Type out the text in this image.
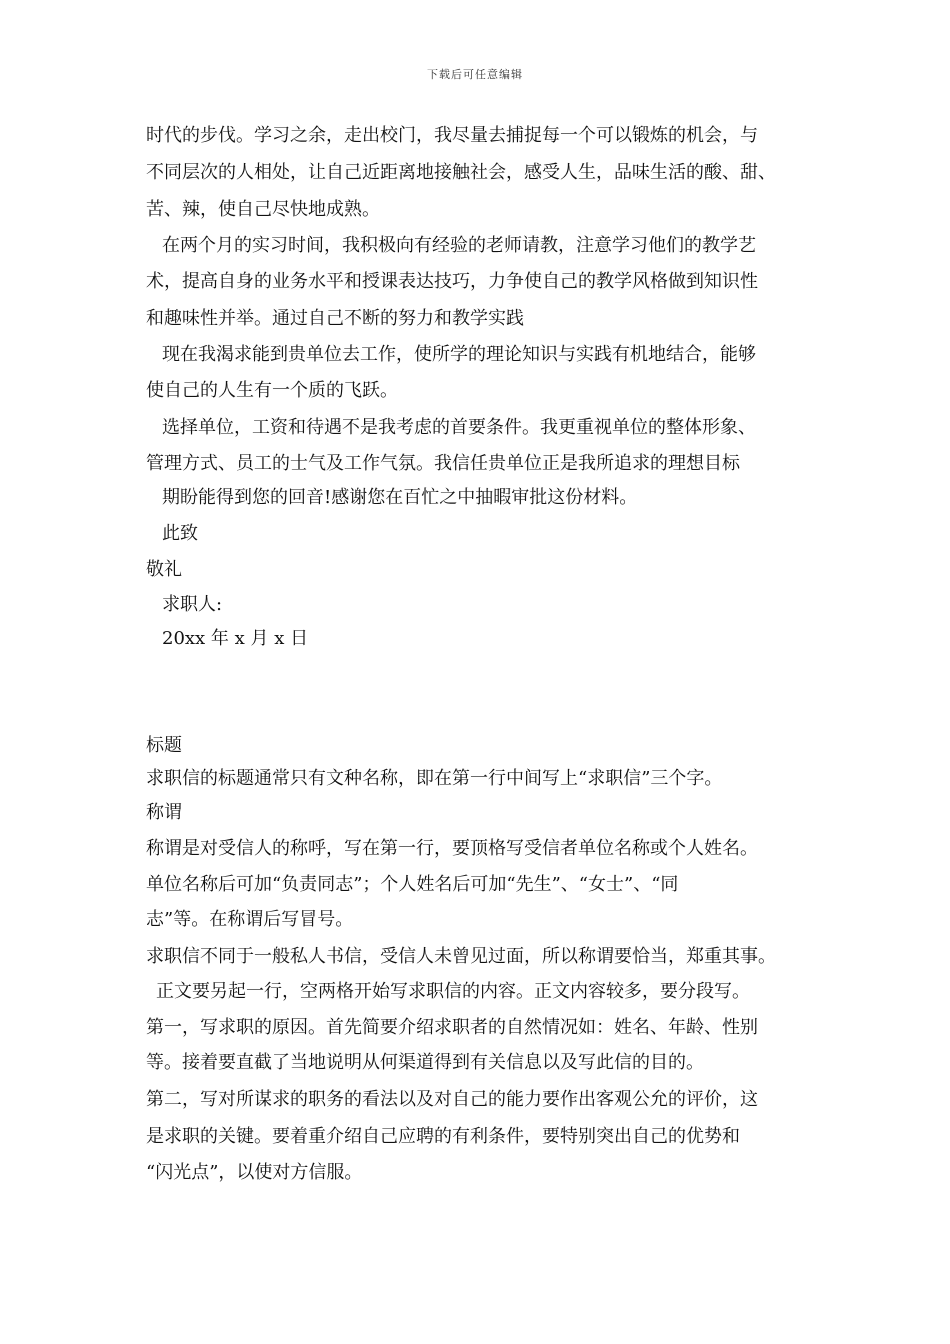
下载后可任意编辑
时代的步伐。学习之余，走出校门，我尽量去捕捉每一个可以锻炼的机会，与
不同层次的人相处，让自己近距离地接触社会，感受人生，品味生活的酸、甜、
苦、辣，使自己尽快地成熟。
在两个月的实习时间，我积极向有经验的老师请教，注意学习他们的教学艺
术，提高自身的业务水平和授课表达技巧，力争使自己的教学风格做到知识性
和趣味性并举。通过自己不断的努力和教学实践
现在我渴求能到贵单位去工作，使所学的理论知识与实践有机地结合，能够
使自己的人生有一个质的飞跃。
选择单位，工资和待遇不是我考虑的首要条件。我更重视单位的整体形象、
管理方式、员工的士气及工作气氛。我信任贵单位正是我所追求的理想目标
期盼能得到您的回音!感谢您在百忙之中抽暇审批这份材料。
此致
敬礼
求职人:
20xx 年 x 月 x 日
标题
求职信的标题通常只有文种名称，即在第一行中间写上“求职信”三个字。
称谓
称谓是对受信人的称呼，写在第一行，要顶格写受信者单位名称或个人姓名。
单位名称后可加“负责同志”；个人姓名后可加“先生”、“女士”、“同
志”等。在称谓后写冒号。
求职信不同于一般私人书信，受信人未曾见过面，所以称谓要恰当，郑重其事。
正文要另起一行，空两格开始写求职信的内容。正文内容较多，要分段写。
第一，写求职的原因。首先简要介绍求职者的自然情况如：姓名、年龄、性别
等。接着要直截了当地说明从何渠道得到有关信息以及写此信的目的。
第二，写对所谋求的职务的看法以及对自己的能力要作出客观公允的评价，这
是求职的关键。要着重介绍自己应聘的有利条件，要特别突出自己的优势和
“闪光点”，以使对方信服。
